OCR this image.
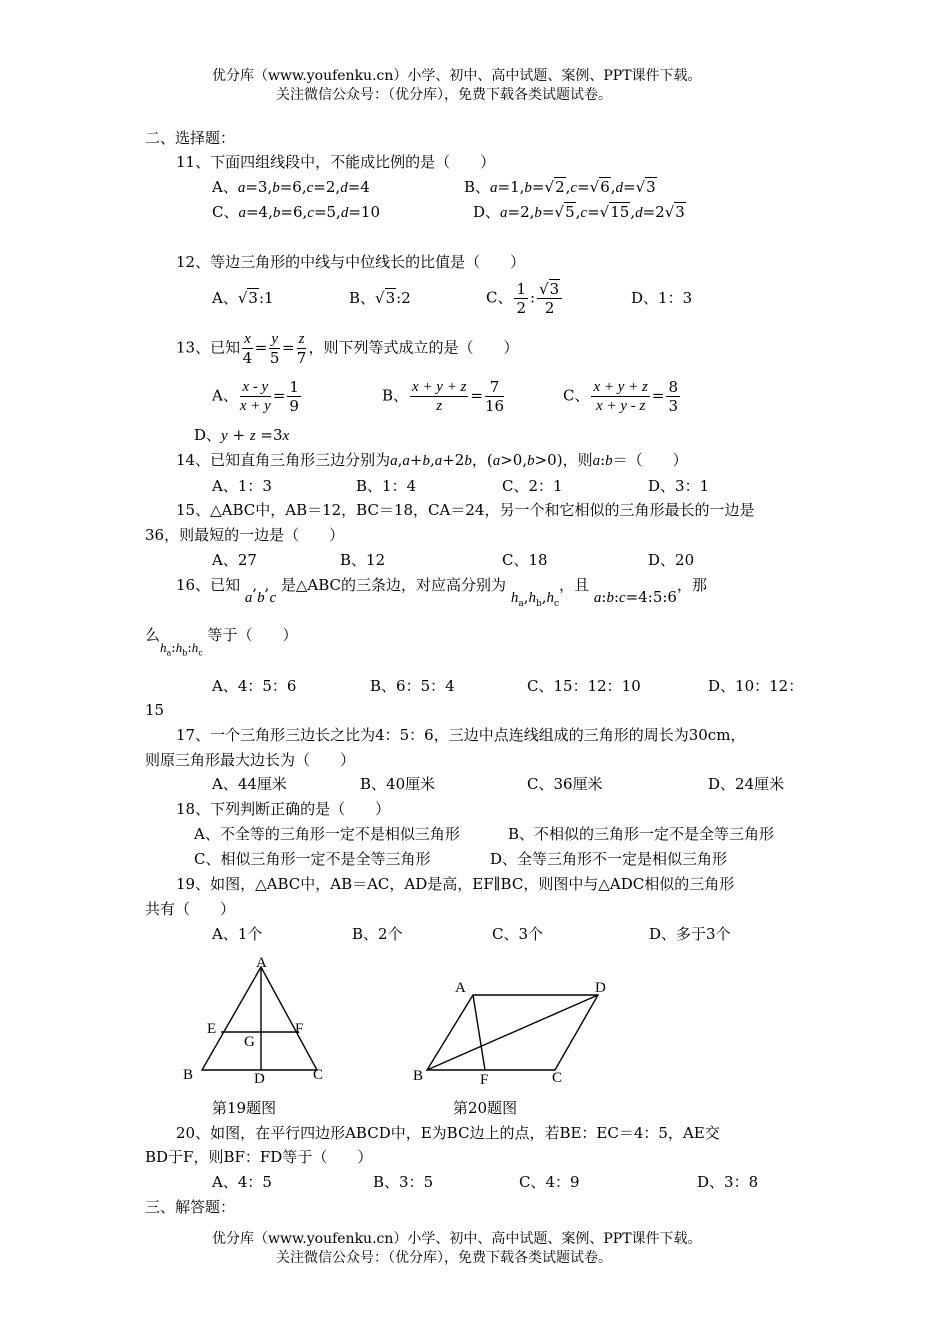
优分库（www.youfenku.cn）小学、初中、高中试题、案例、PPT课件下载。
关注微信公众号：（优分库），免费下载各类试题试卷。
二、选择题：
11、下面四组线段中，不能成比例的是（　　）
A、a=3,b=6,c=2,d=4	B、a=1,b=√2,c=√6,d=√3
C、a=4,b=6,c=5,d=10	D、a=2,b=√5,c=√15,d=2√3
12、等边三角形的中线与中位线长的比值是（　　）
A、√3:1	B、√3:2	C、 $\frac{1}{2}$ : $\frac{√3}{2}$	D、1：3
13、已知 $\frac{x}{4} = \frac{y}{5} = \frac{z}{7}$ ，则下列等式成立的是（　　）
A、 $\frac{x - y}{x + y} = \frac{1}{9}$	B、 $\frac{x + y + z}{z} = \frac{7}{16}$	C、 $\frac{x + y + z}{x + y - z} = \frac{8}{3}$
D、y + z =3x
14、已知直角三角形三边分别为a,a+b,a+2b，(a>0,b>0)，则a:b＝（　　）
A、1：3	B、1：4	C、2：1	D、3：1
15、△ABC中，AB＝12，BC＝18，CA＝24，另一个和它相似的三角形最长的一边是
36，则最短的一边是（　　）
A、27	B、12	C、18	D、20
16、已知 a,b,c 是△ABC的三条边，对应高分别为 $h_a,h_b,h_c$，且 a:b:c=4:5:6，那
么$h_a:h_b:h_c$ 等于（　　）
A、4：5：6	B、6：5：4	C、15：12：10	D、10：12：
15
17、一个三角形三边长之比为4：5：6，三边中点连线组成的三角形的周长为30cm，
则原三角形最大边长为（　　）
A、44厘米	B、40厘米	C、36厘米	D、24厘米
18、下列判断正确的是（　　）
A、不全等的三角形一定不是相似三角形	B、不相似的三角形一定不是全等三角形
C、相似三角形一定不是全等三角形	D、全等三角形不一定是相似三角形
19、如图，△ABC中，AB＝AC，AD是高，EF∥BC，则图中与△ADC相似的三角形
共有（　　）
A、1个	B、2个	C、3个	D、多于3个
A
E	F
G
B	D	C
A	D
B	F	C
第19题图	第20题图
20、如图，在平行四边形ABCD中，E为BC边上的点，若BE：EC＝4：5，AE交
BD于F，则BF：FD等于（　　）
A、4：5	B、3：5	C、4：9	D、3：8
三、解答题：
优分库（www.youfenku.cn）小学、初中、高中试题、案例、PPT课件下载。
关注微信公众号：（优分库），免费下载各类试题试卷。
